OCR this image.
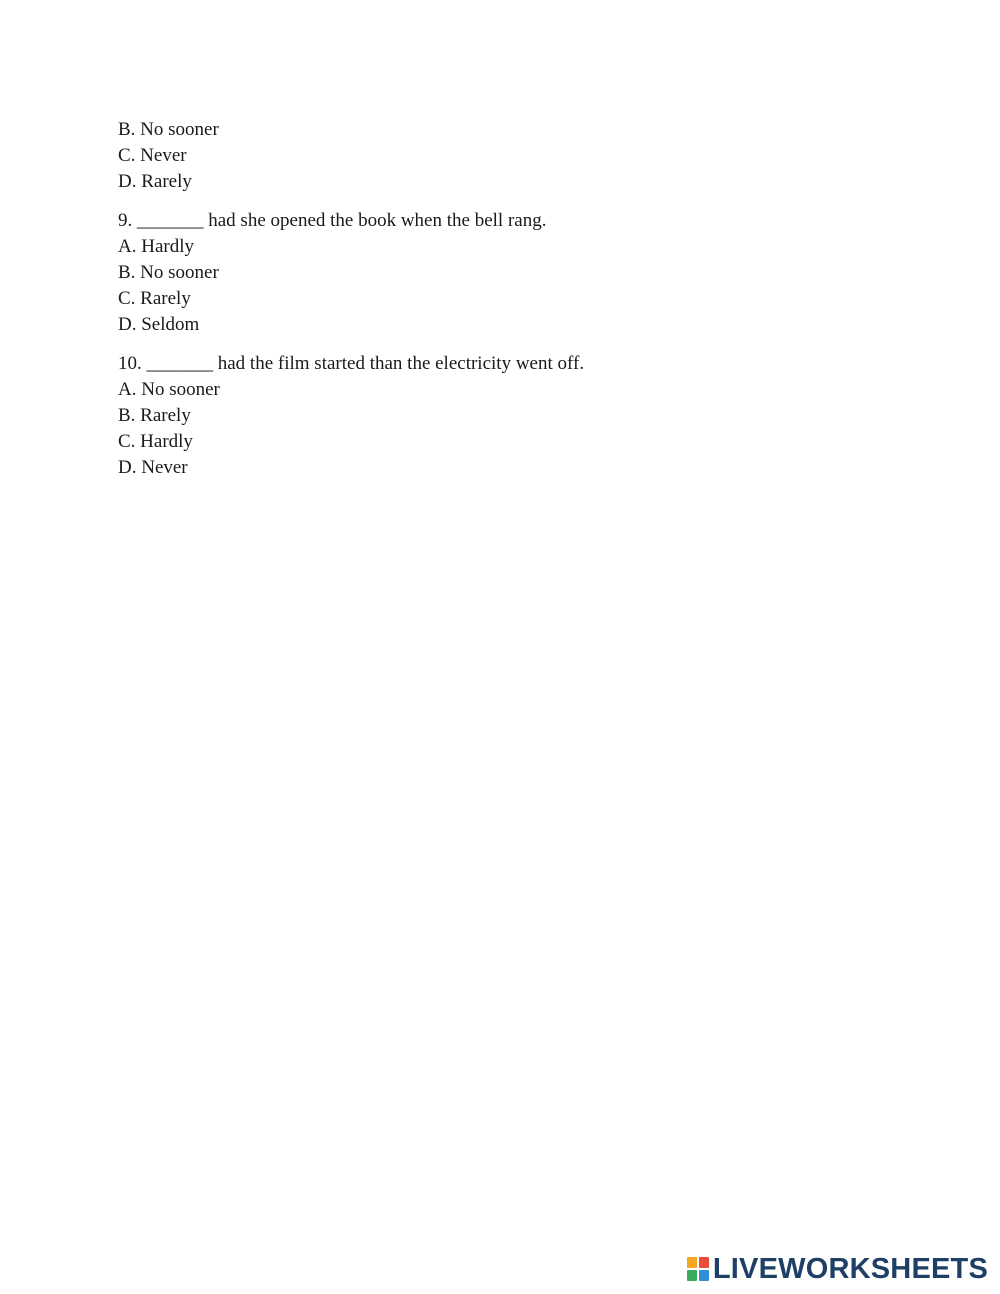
B. No sooner
C. Never
D. Rarely
9. _______ had she opened the book when the bell rang.
A. Hardly
B. No sooner
C. Rarely
D. Seldom
10. _______ had the film started than the electricity went off.
A. No sooner
B. Rarely
C. Hardly
D. Never
LIVEWORKSHEETS
